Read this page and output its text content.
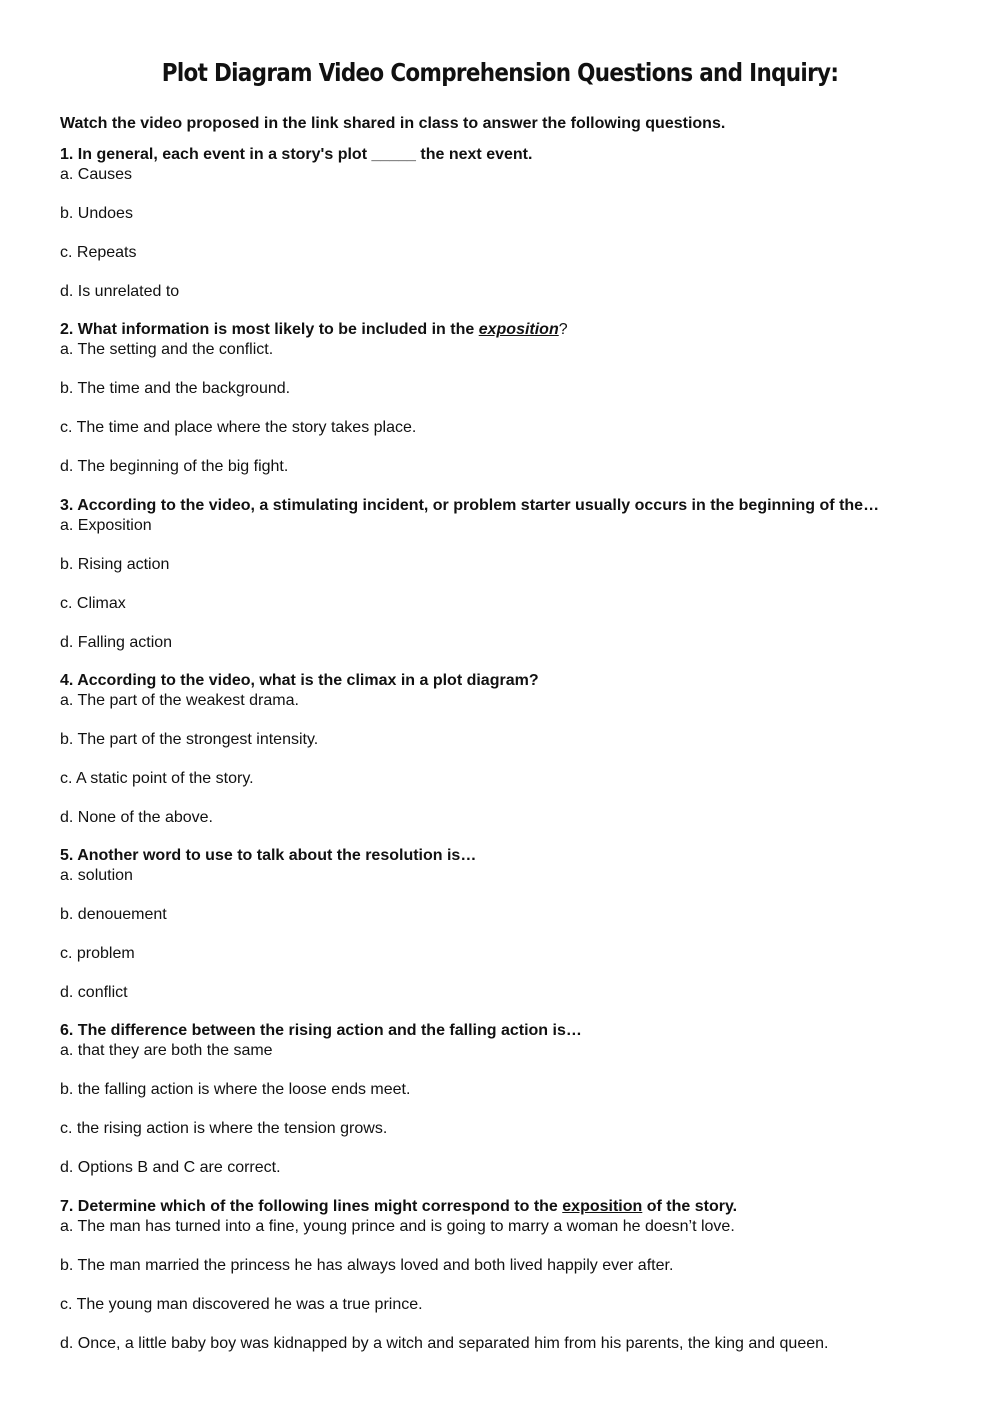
Plot Diagram Video Comprehension Questions and Inquiry:
Watch the video proposed in the link shared in class to answer the following questions.
1. In general, each event in a story's plot _____ the next event.
a. Causes
b. Undoes
c. Repeats
d. Is unrelated to
2. What information is most likely to be included in the exposition?
a. The setting and the conflict.
b. The time and the background.
c. The time and place where the story takes place.
d. The beginning of the big fight.
3. According to the video, a stimulating incident, or problem starter usually occurs in the beginning of the…
a. Exposition
b. Rising action
c. Climax
d. Falling action
4. According to the video, what is the climax in a plot diagram?
a. The part of the weakest drama.
b. The part of the strongest intensity.
c. A static point of the story.
d. None of the above.
5. Another word to use to talk about the resolution is…
a. solution
b. denouement
c. problem
d. conflict
6. The difference between the rising action and the falling action is…
a. that they are both the same
b. the falling action is where the loose ends meet.
c. the rising action is where the tension grows.
d. Options B and C are correct.
7. Determine which of the following lines might correspond to the exposition of the story.
a. The man has turned into a fine, young prince and is going to marry a woman he doesn’t love.
b. The man married the princess he has always loved and both lived happily ever after.
c. The young man discovered he was a true prince.
d. Once, a little baby boy was kidnapped by a witch and separated him from his parents, the king and queen.
